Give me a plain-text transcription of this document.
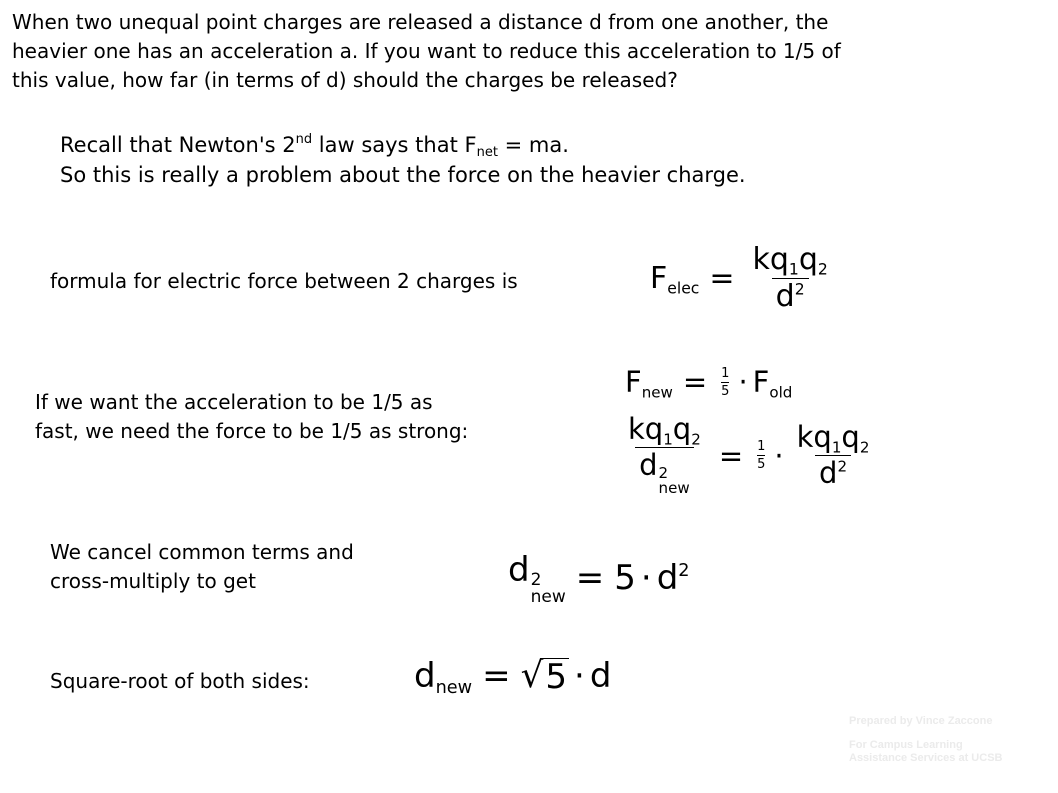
When two unequal point charges are released a distance d from one another, the
heavier one has an acceleration a. If you want to reduce this acceleration to 1/5 of
this value, how far (in terms of d) should the charges be released?
Recall that Newton's 2nd law says that $F_{net}$ = ma.
So this is really a problem about the force on the heavier charge.
formula for electric force between 2 charges is	$F_{elec} = \frac{kq_1q_2}{d^2}$
If we want the acceleration to be 1/5 as
fast, we need the force to be 1/5 as strong:
$F_{new} = \frac{1}{5} \cdot F_{old}$
$kq_1q_2$
d 2
new = $\frac{1}{5} \cdot \frac{kq_1q_2}{d^2}$
We cancel common terms and
cross-multiply to get	d 2
new = $5 \cdot d^2$
Square-root of both sides:	$d_{new}$ = √ 5 · d
Prepared by Vince Zaccone
For Campus Learning
Assistance Services at UCSB
